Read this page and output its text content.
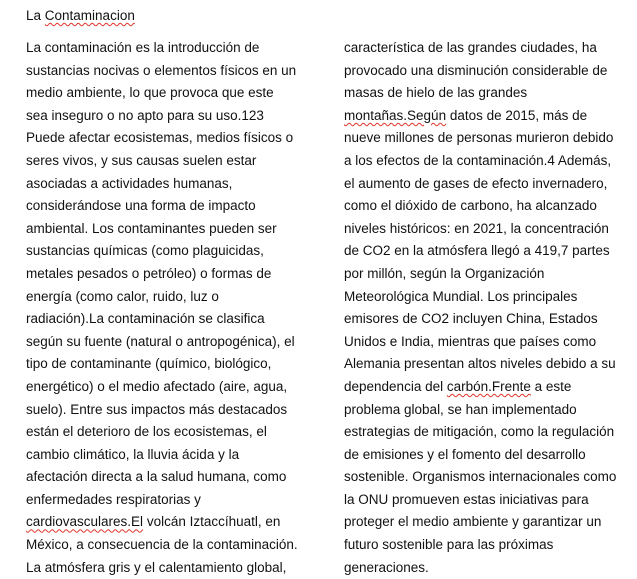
La Contaminacion
La contaminación es la introducción de
sustancias nocivas o elementos físicos en un
medio ambiente, lo que provoca que este
sea inseguro o no apto para su uso.123
Puede afectar ecosistemas, medios físicos o
seres vivos, y sus causas suelen estar
asociadas a actividades humanas,
considerándose una forma de impacto
ambiental. Los contaminantes pueden ser
sustancias químicas (como plaguicidas,
metales pesados o petróleo) o formas de
energía (como calor, ruido, luz o
radiación).La contaminación se clasifica
según su fuente (natural o antropogénica), el
tipo de contaminante (químico, biológico,
energético) o el medio afectado (aire, agua,
suelo). Entre sus impactos más destacados
están el deterioro de los ecosistemas, el
cambio climático, la lluvia ácida y la
afectación directa a la salud humana, como
enfermedades respiratorias y
cardiovasculares.El volcán Iztaccíhuatl, en
México, a consecuencia de la contaminación.
La atmósfera gris y el calentamiento global,
característica de las grandes ciudades, ha
provocado una disminución considerable de
masas de hielo de las grandes
montañas.Según datos de 2015, más de
nueve millones de personas murieron debido
a los efectos de la contaminación.4 Además,
el aumento de gases de efecto invernadero,
como el dióxido de carbono, ha alcanzado
niveles históricos: en 2021, la concentración
de CO2 en la atmósfera llegó a 419,7 partes
por millón, según la Organización
Meteorológica Mundial. Los principales
emisores de CO2 incluyen China, Estados
Unidos e India, mientras que países como
Alemania presentan altos niveles debido a su
dependencia del carbón.Frente a este
problema global, se han implementado
estrategias de mitigación, como la regulación
de emisiones y el fomento del desarrollo
sostenible. Organismos internacionales como
la ONU promueven estas iniciativas para
proteger el medio ambiente y garantizar un
futuro sostenible para las próximas
generaciones.
